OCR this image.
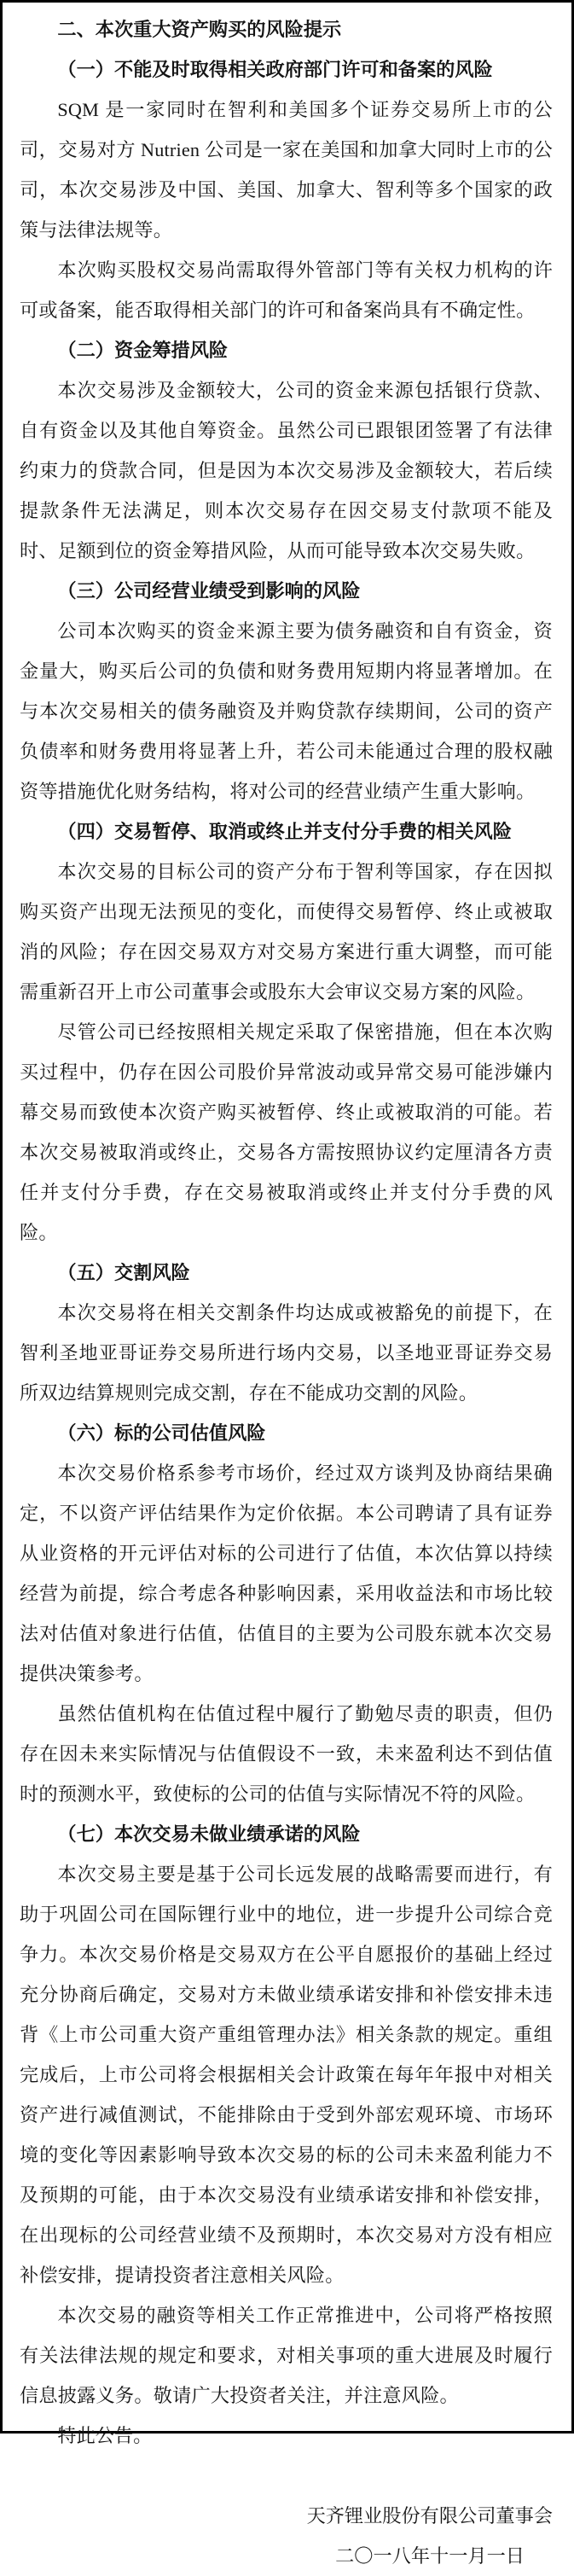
二、本次重大资产购买的风险提示
（一）不能及时取得相关政府部门许可和备案的风险

SQM 是一家同时在智利和美国多个证券交易所上市的公司，交易对方 Nutrien 公司是一家在美国和加拿大同时上市的公司，本次交易涉及中国、美国、加拿大、智利等多个国家的政策与法律法规等。

本次购买股权交易尚需取得外管部门等有关权力机构的许可或备案，能否取得相关部门的许可和备案尚具有不确定性。

（二）资金筹措风险

本次交易涉及金额较大，公司的资金来源包括银行贷款、自有资金以及其他自筹资金。虽然公司已跟银团签署了有法律约束力的贷款合同，但是因为本次交易涉及金额较大，若后续提款条件无法满足，则本次交易存在因交易支付款项不能及时、足额到位的资金筹措风险，从而可能导致本次交易失败。

（三）公司经营业绩受到影响的风险

公司本次购买的资金来源主要为债务融资和自有资金，资金量大，购买后公司的负债和财务费用短期内将显著增加。在与本次交易相关的债务融资及并购贷款存续期间，公司的资产负债率和财务费用将显著上升，若公司未能通过合理的股权融资等措施优化财务结构，将对公司的经营业绩产生重大影响。

（四）交易暂停、取消或终止并支付分手费的相关风险

本次交易的目标公司的资产分布于智利等国家，存在因拟购买资产出现无法预见的变化，而使得交易暂停、终止或被取消的风险；存在因交易双方对交易方案进行重大调整，而可能需重新召开上市公司董事会或股东大会审议交易方案的风险。

尽管公司已经按照相关规定采取了保密措施，但在本次购买过程中，仍存在因公司股价异常波动或异常交易可能涉嫌内幕交易而致使本次资产购买被暂停、终止或被取消的可能。若本次交易被取消或终止，交易各方需按照协议约定厘清各方责任并支付分手费，存在交易被取消或终止并支付分手费的风险。

（五）交割风险

本次交易将在相关交割条件均达成或被豁免的前提下，在智利圣地亚哥证券交易所进行场内交易，以圣地亚哥证券交易所双边结算规则完成交割，存在不能成功交割的风险。

（六）标的公司估值风险

本次交易价格系参考市场价，经过双方谈判及协商结果确定，不以资产评估结果作为定价依据。本公司聘请了具有证券从业资格的开元评估对标的公司进行了估值，本次估算以持续经营为前提，综合考虑各种影响因素，采用收益法和市场比较法对估值对象进行估值，估值目的主要为公司股东就本次交易提供决策参考。

虽然估值机构在估值过程中履行了勤勉尽责的职责，但仍存在因未来实际情况与估值假设不一致，未来盈利达不到估值时的预测水平，致使标的公司的估值与实际情况不符的风险。

（七）本次交易未做业绩承诺的风险

本次交易主要是基于公司长远发展的战略需要而进行，有助于巩固公司在国际锂行业中的地位，进一步提升公司综合竞争力。本次交易价格是交易双方在公平自愿报价的基础上经过充分协商后确定，交易对方未做业绩承诺安排和补偿安排未违背《上市公司重大资产重组管理办法》相关条款的规定。重组完成后，上市公司将会根据相关会计政策在每年年报中对相关资产进行减值测试，不能排除由于受到外部宏观环境、市场环境的变化等因素影响导致本次交易的标的公司未来盈利能力不及预期的可能，由于本次交易没有业绩承诺安排和补偿安排，在出现标的公司经营业绩不及预期时，本次交易对方没有相应补偿安排，提请投资者注意相关风险。

本次交易的融资等相关工作正常推进中，公司将严格按照有关法律法规的规定和要求，对相关事项的重大进展及时履行信息披露义务。敬请广大投资者关注，并注意风险。

特此公告。

天齐锂业股份有限公司董事会

二〇一八年十一月一日
